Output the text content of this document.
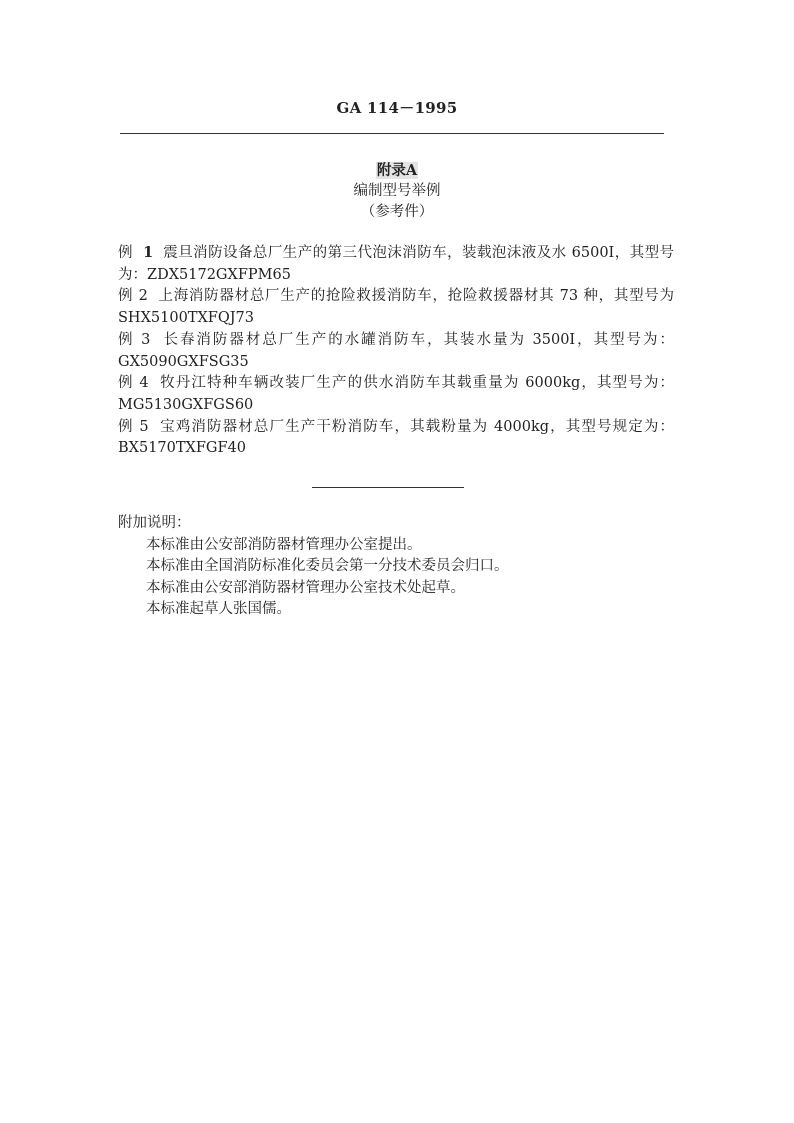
GA 114－1995
附录A
编制型号举例
（参考件）

例 1 震旦消防设备总厂生产的第三代泡沫消防车，装载泡沫液及水 6500I，其型号为：ZDX5172GXFPM65

例 2 上海消防器材总厂生产的抢险救援消防车，抢险救援器材其 73 种，其型号为 SHX5100TXFQJ73

例 3 长春消防器材总厂生产的水罐消防车，其装水量为 3500I，其型号为：GX5090GXFSG35

例 4 牧丹江特种车辆改装厂生产的供水消防车其载重量为 6000kg，其型号为：MG5130GXFGS60

例 5 宝鸡消防器材总厂生产干粉消防车，其载粉量为 4000kg，其型号规定为：BX5170TXFGF40

附加说明：

本标准由公安部消防器材管理办公室提出。

本标准由全国消防标准化委员会第一分技术委员会归口。

本标准由公安部消防器材管理办公室技术处起草。

本标准起草人张国儒。
